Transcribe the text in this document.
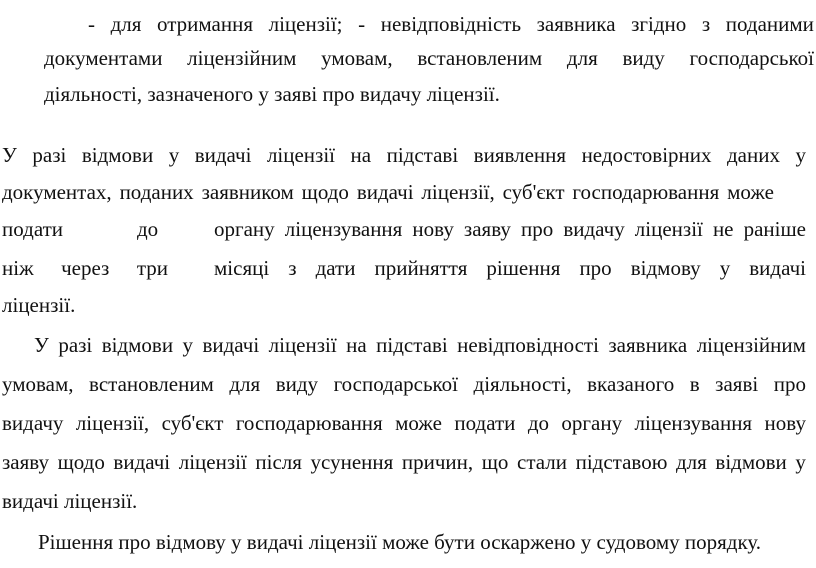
- для отримання ліцензії; - невідповідність заявника згідно з поданими
документами ліцензійним умовам, встановленим для виду господарської
діяльності, зазначеного у заяві про видачу ліцензії.
У разі відмови у видачі ліцензії на підставі виявлення недостовірних даних у
документах, поданих заявником щодо видачі ліцензії, суб'єкт господарювання може
подати	до	органу ліцензування нову заяву про видачу ліцензії не раніше
ніж через три місяці з дати прийняття рішення про відмову у видачі
ліцензії.
У разі відмови у видачі ліцензії на підставі невідповідності заявника ліцензійним
умовам, встановленим для виду господарської діяльності, вказаного в заяві про
видачу ліцензії, суб'єкт господарювання може подати до органу ліцензування нову
заяву щодо видачі ліцензії після усунення причин, що стали підставою для відмови у
видачі ліцензії.
Рішення про відмову у видачі ліцензії може бути оскаржено у судовому порядку.
